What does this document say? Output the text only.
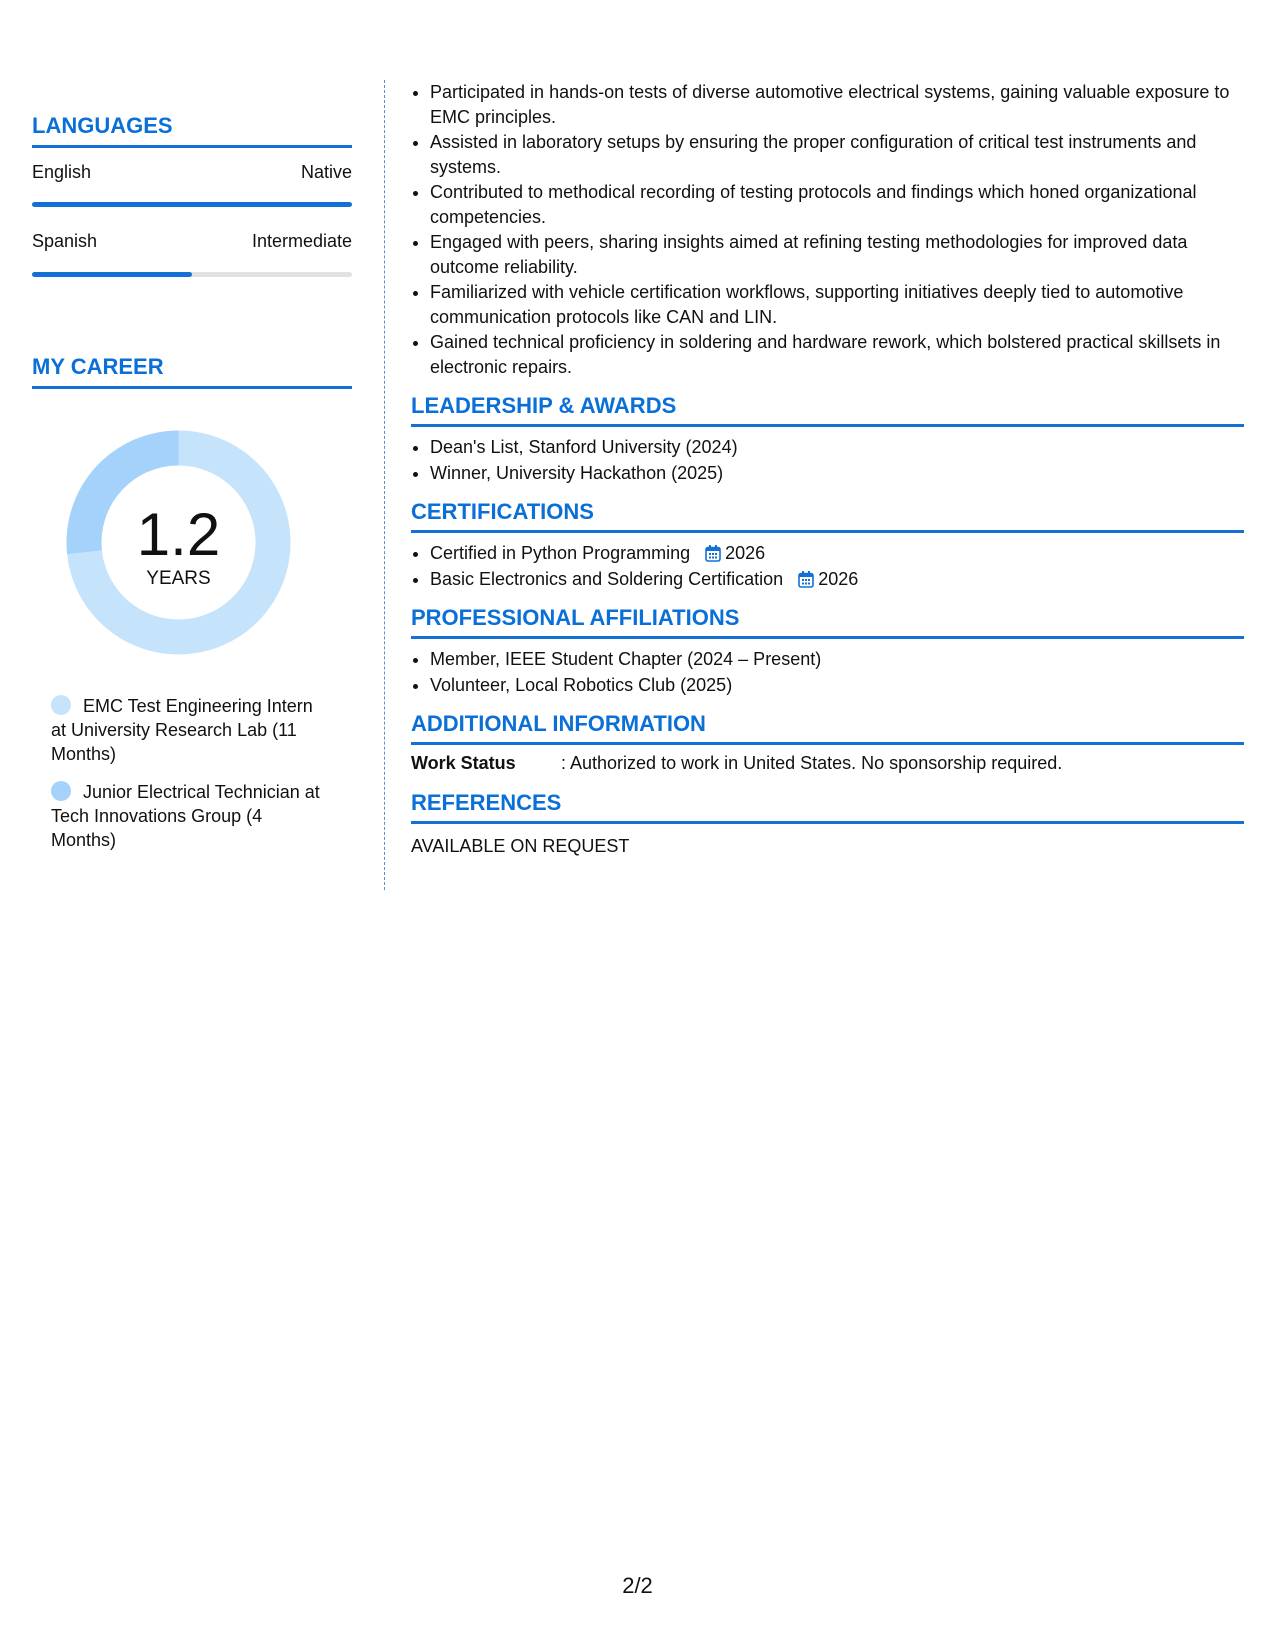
LANGUAGES
English	Native
Spanish	Intermediate
MY CAREER
1.2
YEARS
EMC Test Engineering Intern at University Research Lab (11 Months)
Junior Electrical Technician at Tech Innovations Group (4 Months)
• Participated in hands-on tests of diverse automotive electrical systems, gaining valuable exposure to EMC principles.
• Assisted in laboratory setups by ensuring the proper configuration of critical test instruments and systems.
• Contributed to methodical recording of testing protocols and findings which honed organizational competencies.
• Engaged with peers, sharing insights aimed at refining testing methodologies for improved data outcome reliability.
• Familiarized with vehicle certification workflows, supporting initiatives deeply tied to automotive communication protocols like CAN and LIN.
• Gained technical proficiency in soldering and hardware rework, which bolstered practical skillsets in electronic repairs.
LEADERSHIP & AWARDS
• Dean's List, Stanford University (2024)
• Winner, University Hackathon (2025)
CERTIFICATIONS
• Certified in Python Programming 2026
• Basic Electronics and Soldering Certification 2026
PROFESSIONAL AFFILIATIONS
• Member, IEEE Student Chapter (2024 – Present)
• Volunteer, Local Robotics Club (2025)
ADDITIONAL INFORMATION
Work Status	: Authorized to work in United States. No sponsorship required.
REFERENCES
AVAILABLE ON REQUEST
2/2
